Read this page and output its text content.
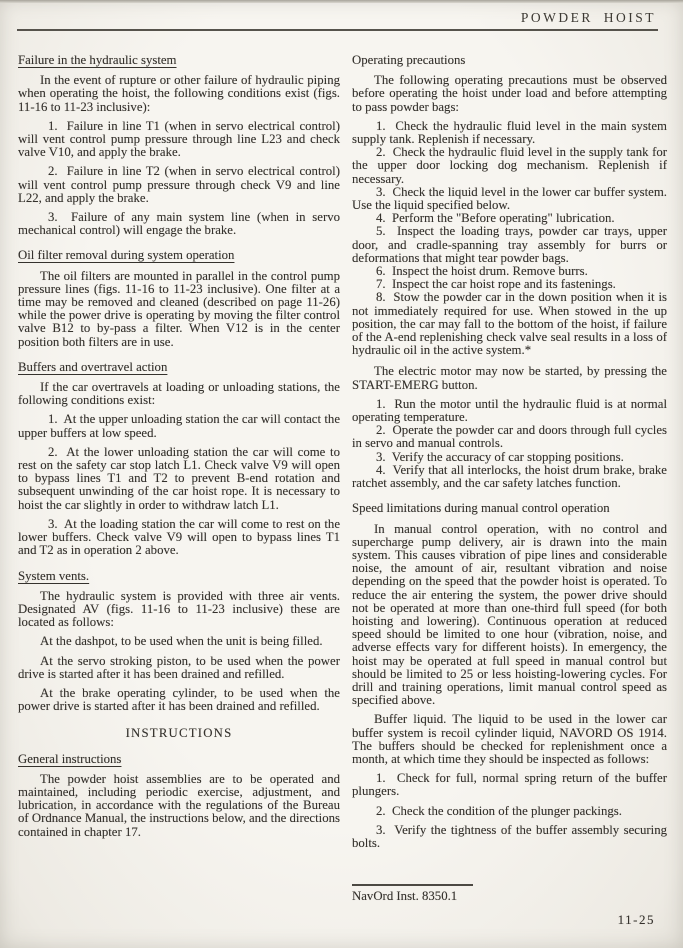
POWDER HOIST
Failure in the hydraulic system

In the event of rupture or other failure of hydraulic piping when operating the hoist, the following conditions exist (figs. 11-16 to 11-23 inclusive):

1.  Failure in line T1 (when in servo electrical control) will vent control pump pressure through line L23 and check valve V10, and apply the brake.

2.  Failure in line T2 (when in servo electrical control) will vent control pump pressure through check V9 and line L22, and apply the brake.

3.  Failure of any main system line (when in servo mechanical control) will engage the brake.

Oil filter removal during system operation

The oil filters are mounted in parallel in the control pump pressure lines (figs. 11-16 to 11-23 inclusive). One filter at a time may be removed and cleaned (described on page 11-26) while the power drive is operating by moving the filter control valve B12 to by-pass a filter. When V12 is in the center position both filters are in use.

Buffers and overtravel action

If the car overtravels at loading or unloading stations, the following conditions exist:

1.  At the upper unloading station the car will contact the upper buffers at low speed.

2.  At the lower unloading station the car will come to rest on the safety car stop latch L1. Check valve V9 will open to bypass lines T1 and T2 to prevent B-end rotation and subsequent unwinding of the car hoist rope. It is necessary to hoist the car slightly in order to withdraw latch L1.

3.  At the loading station the car will come to rest on the lower buffers. Check valve V9 will open to bypass lines T1 and T2 as in operation 2 above.

System vents.

The hydraulic system is provided with three air vents. Designated AV (figs. 11-16 to 11-23 inclusive) these are located as follows:

At the dashpot, to be used when the unit is being filled.

At the servo stroking piston, to be used when the power drive is started after it has been drained and refilled.

At the brake operating cylinder, to be used when the power drive is started after it has been drained and refilled.

INSTRUCTIONS
General instructions

The powder hoist assemblies are to be operated and maintained, including periodic exercise, adjustment, and lubrication, in accordance with the regulations of the Bureau of Ordnance Manual, the instructions below, and the directions contained in chapter 17.

Operating precautions

The following operating precautions must be observed before operating the hoist under load and before attempting to pass powder bags:

1.  Check the hydraulic fluid level in the main system supply tank. Replenish if necessary.

2.  Check the hydraulic fluid level in the supply tank for the upper door locking dog mechanism. Replenish if necessary.

3.  Check the liquid level in the lower car buffer system. Use the liquid specified below.

4.  Perform the "Before operating" lubrication.

5.  Inspect the loading trays, powder car trays, upper door, and cradle-spanning tray assembly for burrs or deformations that might tear powder bags.

6.  Inspect the hoist drum. Remove burrs.

7.  Inspect the car hoist rope and its fastenings.

8.  Stow the powder car in the down position when it is not immediately required for use. When stowed in the up position, the car may fall to the bottom of the hoist, if failure of the A-end replenishing check valve seal results in a loss of hydraulic oil in the active system.*

The electric motor may now be started, by pressing the START-EMERG button.

1.  Run the motor until the hydraulic fluid is at normal operating temperature.

2.  Operate the powder car and doors through full cycles in servo and manual controls.

3.  Verify the accuracy of car stopping positions.

4.  Verify that all interlocks, the hoist drum brake, brake ratchet assembly, and the car safety latches function.

Speed limitations during manual control operation

In manual control operation, with no control and supercharge pump delivery, air is drawn into the main system. This causes vibration of pipe lines and considerable noise, the amount of air, resultant vibration and noise depending on the speed that the powder hoist is operated. To reduce the air entering the system, the power drive should not be operated at more than one-third full speed (for both hoisting and lowering). Continuous operation at reduced speed should be limited to one hour (vibration, noise, and adverse effects vary for different hoists). In emergency, the hoist may be operated at full speed in manual control but should be limited to 25 or less hoisting-lowering cycles. For drill and training operations, limit manual control speed as specified above.

Buffer liquid. The liquid to be used in the lower car buffer system is recoil cylinder liquid, NAVORD OS 1914. The buffers should be checked for replenishment once a month, at which time they should be inspected as follows:

1.  Check for full, normal spring return of the buffer plungers.

2.  Check the condition of the plunger packings.

3.  Verify the tightness of the buffer assembly securing bolts.

NavOrd Inst. 8350.1
11-25
